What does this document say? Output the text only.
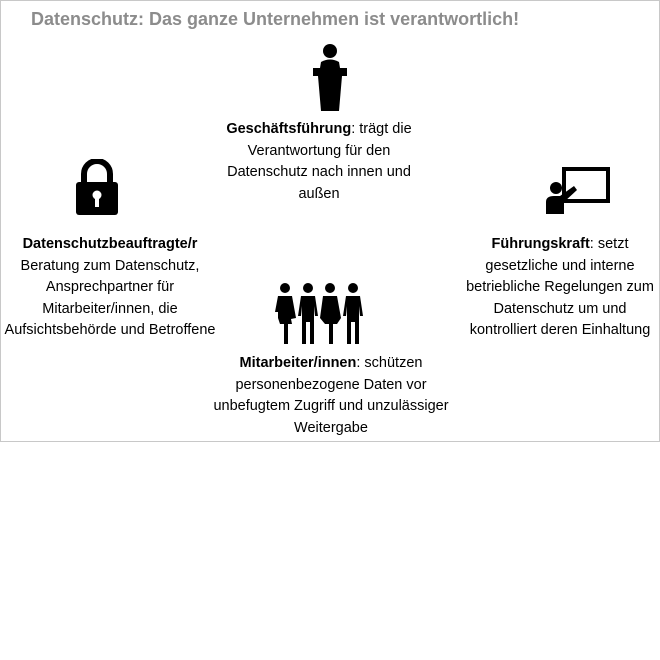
Datenschutz: Das ganze Unternehmen ist verantwortlich!
Geschäftsführung: trägt die Verantwortung für den Datenschutz nach innen und außen
Datenschutzbeauftragte/r
Beratung zum Datenschutz, Ansprechpartner für Mitarbeiter/innen, die Aufsichtsbehörde und Betroffene
Führungskraft: setzt gesetzliche und interne betriebliche Regelungen zum Datenschutz um und kontrolliert deren Einhaltung
Mitarbeiter/innen: schützen personenbezogene Daten vor unbefugtem Zugriff und unzulässiger Weitergabe
